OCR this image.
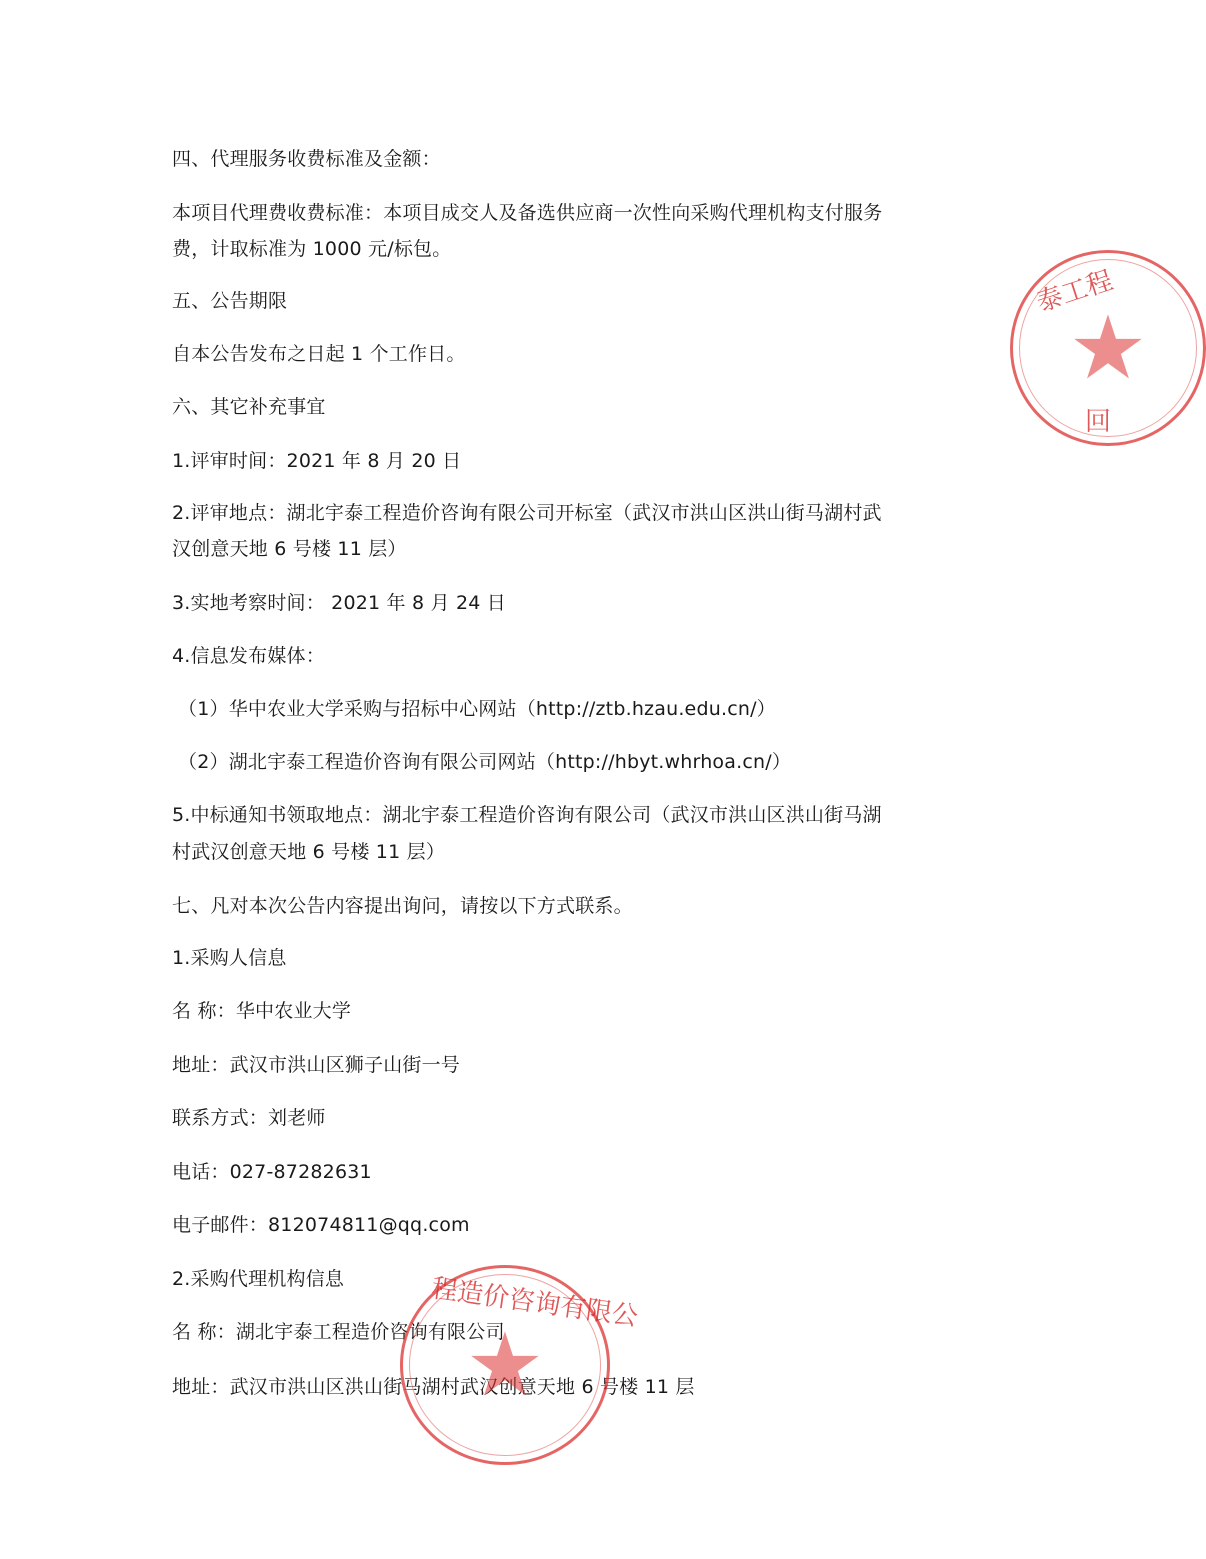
四、代理服务收费标准及金额：
本项目代理费收费标准：本项目成交人及备选供应商一次性向采购代理机构支付服务
费，计取标准为 1000 元/标包。
五、公告期限
自本公告发布之日起 1 个工作日。
六、其它补充事宜
1.评审时间：2021 年 8 月 20 日
2.评审地点：湖北宇泰工程造价咨询有限公司开标室（武汉市洪山区洪山街马湖村武
汉创意天地 6 号楼 11 层）
3.实地考察时间： 2021 年 8 月 24 日
4.信息发布媒体：
（1）华中农业大学采购与招标中心网站（http://ztb.hzau.edu.cn/）
（2）湖北宇泰工程造价咨询有限公司网站（http://hbyt.whrhoa.cn/）
5.中标通知书领取地点：湖北宇泰工程造价咨询有限公司（武汉市洪山区洪山街马湖
村武汉创意天地 6 号楼 11 层）
七、凡对本次公告内容提出询问，请按以下方式联系。
1.采购人信息
名 称：华中农业大学
地址：武汉市洪山区狮子山街一号
联系方式：刘老师
电话：027-87282631
电子邮件：812074811@qq.com
2.采购代理机构信息
名 称：湖北宇泰工程造价咨询有限公司
地址：武汉市洪山区洪山街马湖村武汉创意天地 6 号楼 11 层
★
泰工程
回
★
程造价咨询有限公
